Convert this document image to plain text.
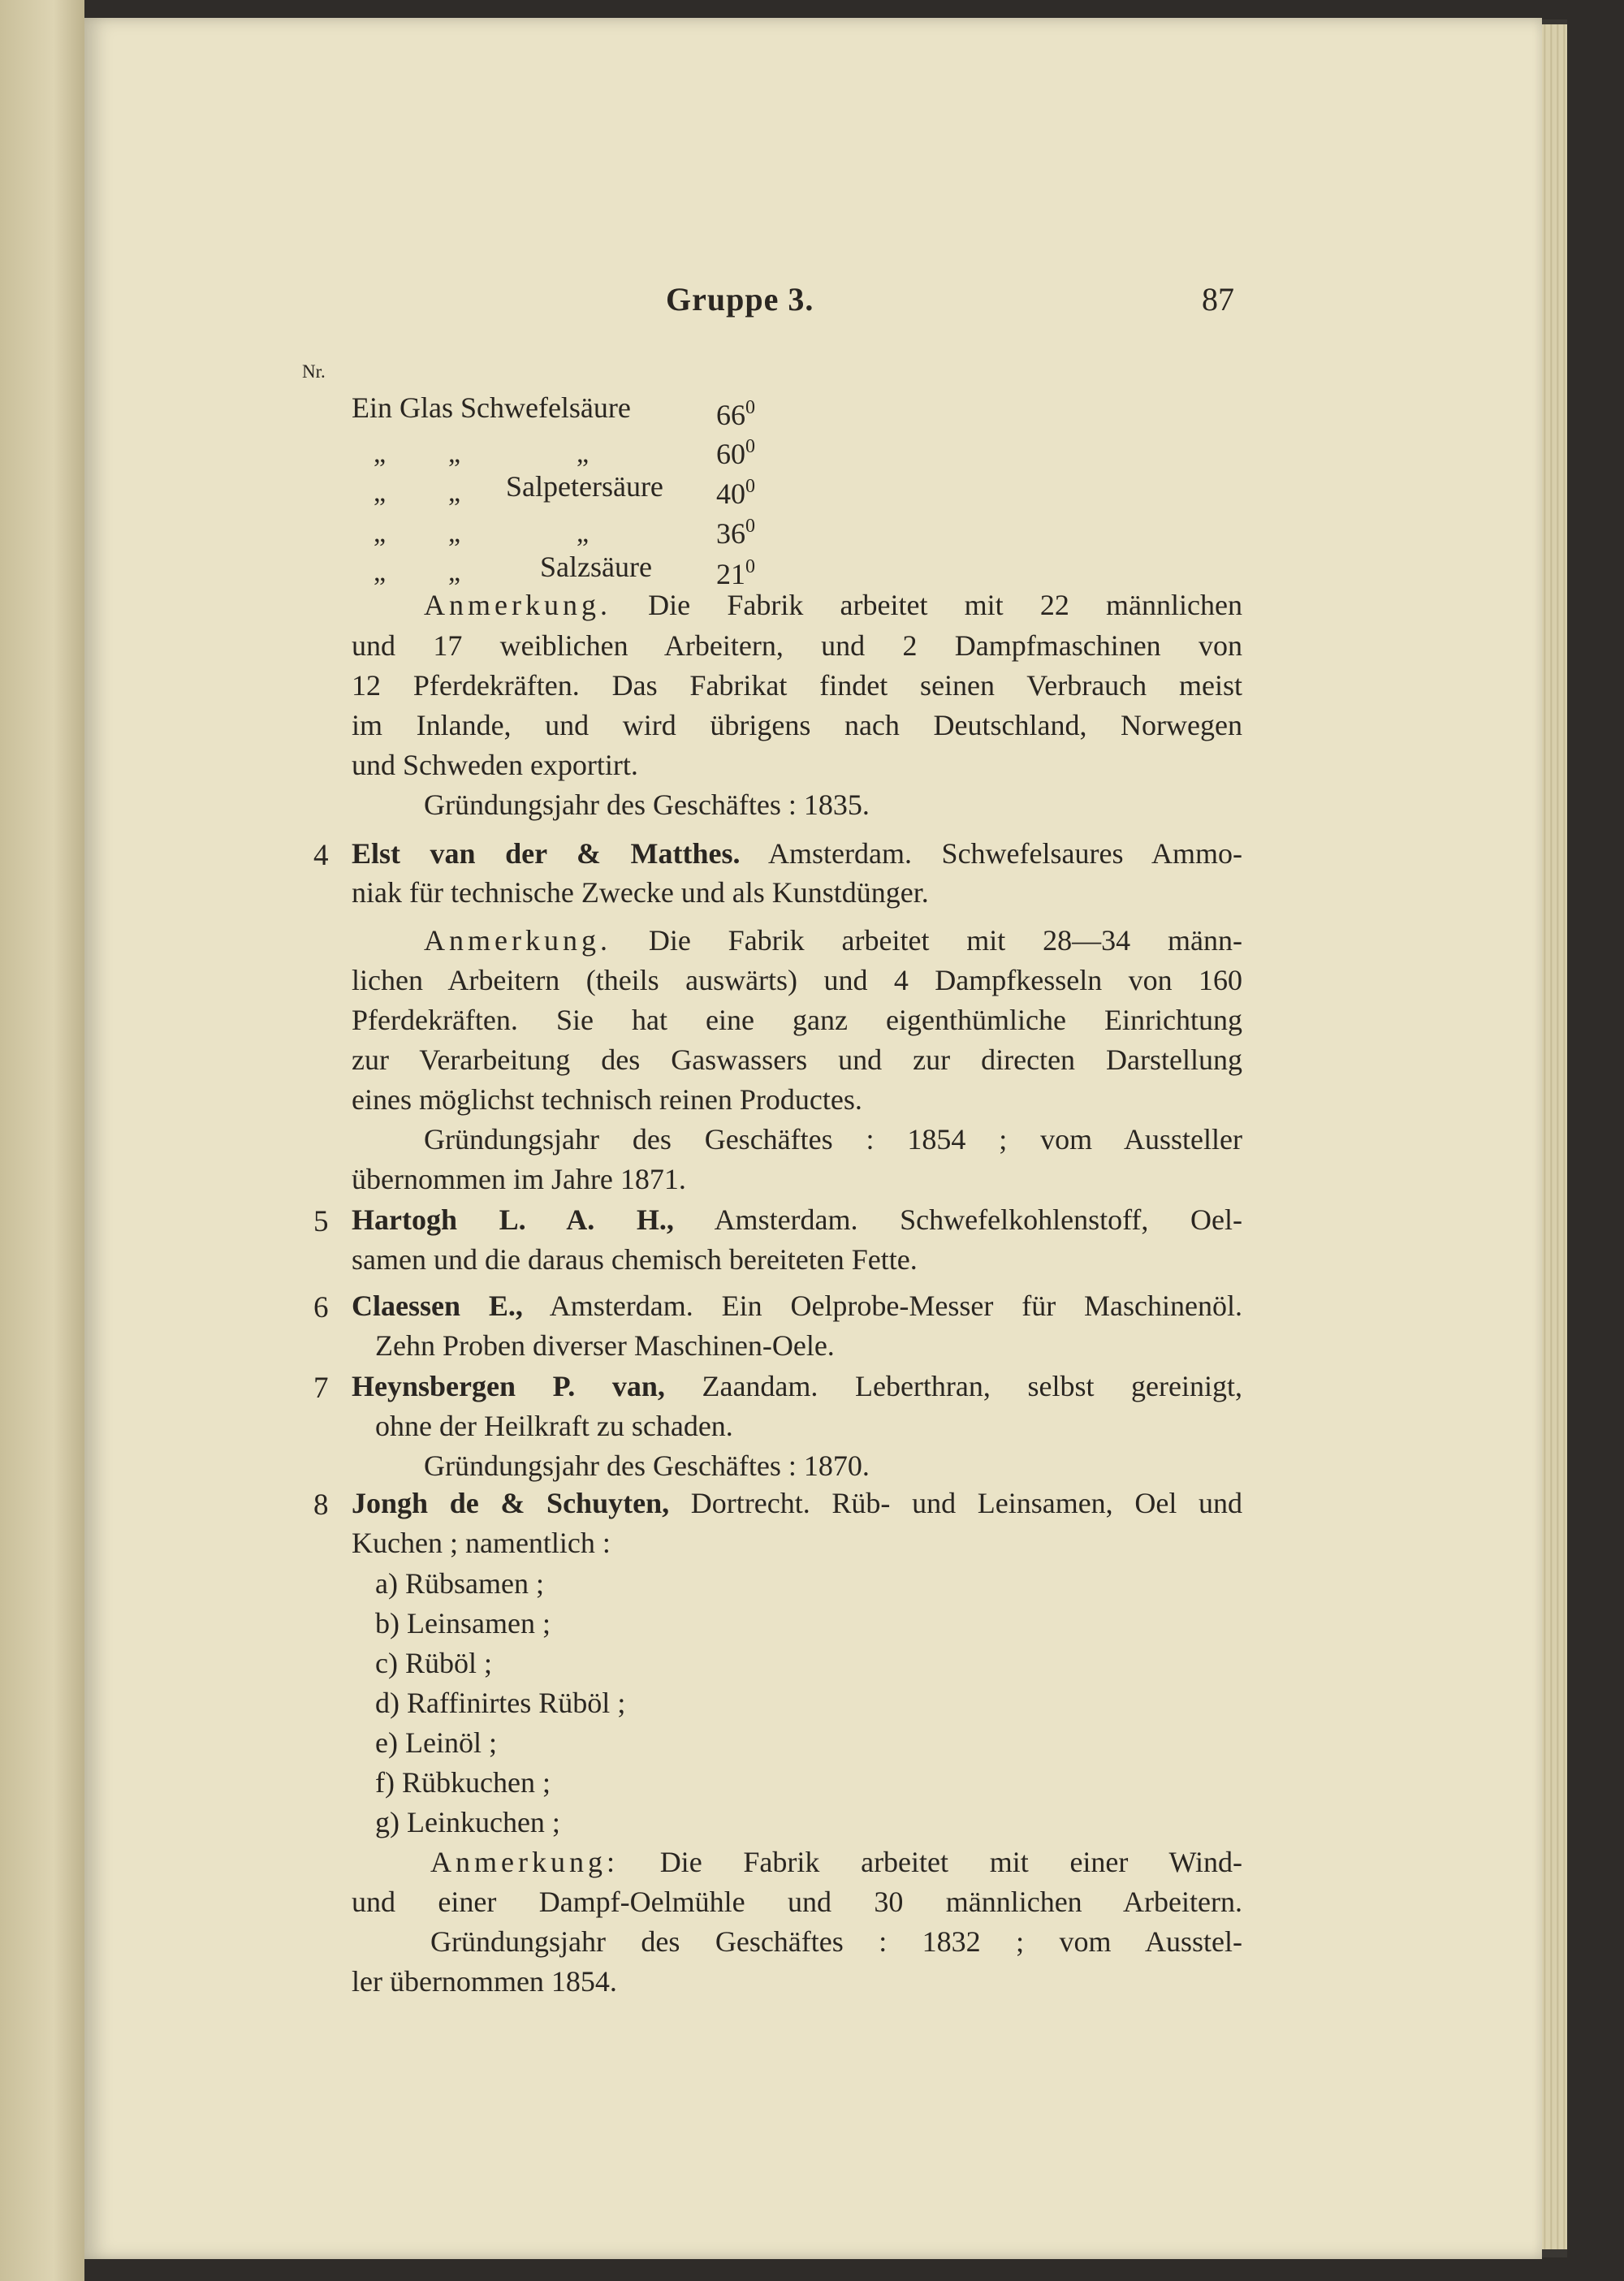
Gruppe 3.	87
Nr.
Ein Glas Schwefelsäure	$66^0$
„ „	„	$60^0$
„ „ Salpetersäure $40^0$
„ „	„	$36^0$
„ „	Salzsäure $21^0$
Anmerkung. Die Fabrik arbeitet mit 22 männlichen
und 17 weiblichen Arbeitern, und 2 Dampfmaschinen von
12 Pferdekräften. Das Fabrikat findet seinen Verbrauch meist
im Inlande, und wird übrigens nach Deutschland, Norwegen
und Schweden exportirt.
Gründungsjahr des Geschäftes : 1835.
4 Elst van der & Matthes. Amsterdam. Schwefelsaures Ammo-
niak für technische Zwecke und als Kunstdünger.
Anmerkung. Die Fabrik arbeitet mit 28—34 männ-
lichen Arbeitern (theils auswärts) und 4 Dampfkesseln von 160
Pferdekräften. Sie hat eine ganz eigenthümliche Einrichtung
zur Verarbeitung des Gaswassers und zur directen Darstellung
eines möglichst technisch reinen Productes.
Gründungsjahr des Geschäftes : 1854 ; vom Aussteller
übernommen im Jahre 1871.
5 Hartogh L. A. H., Amsterdam. Schwefelkohlenstoff, Oel-
samen und die daraus chemisch bereiteten Fette.
6 Claessen E., Amsterdam. Ein Oelprobe-Messer für Maschinenöl.
Zehn Proben diverser Maschinen-Oele.
7 Heynsbergen P. van, Zaandam. Leberthran, selbst gereinigt,
ohne der Heilkraft zu schaden.
Gründungsjahr des Geschäftes : 1870.
8 Jongh de & Schuyten, Dortrecht. Rüb- und Leinsamen, Oel und
Kuchen ; namentlich :
a) Rübsamen ;
b) Leinsamen ;
c) Rüböl ;
d) Raffinirtes Rüböl ;
e) Leinöl ;
f) Rübkuchen ;
g) Leinkuchen ;
Anmerkung: Die Fabrik arbeitet mit einer Wind-
und einer Dampf-Oelmühle und 30 männlichen Arbeitern.
Gründungsjahr des Geschäftes : 1832 ; vom Ausstel-
ler übernommen 1854.
